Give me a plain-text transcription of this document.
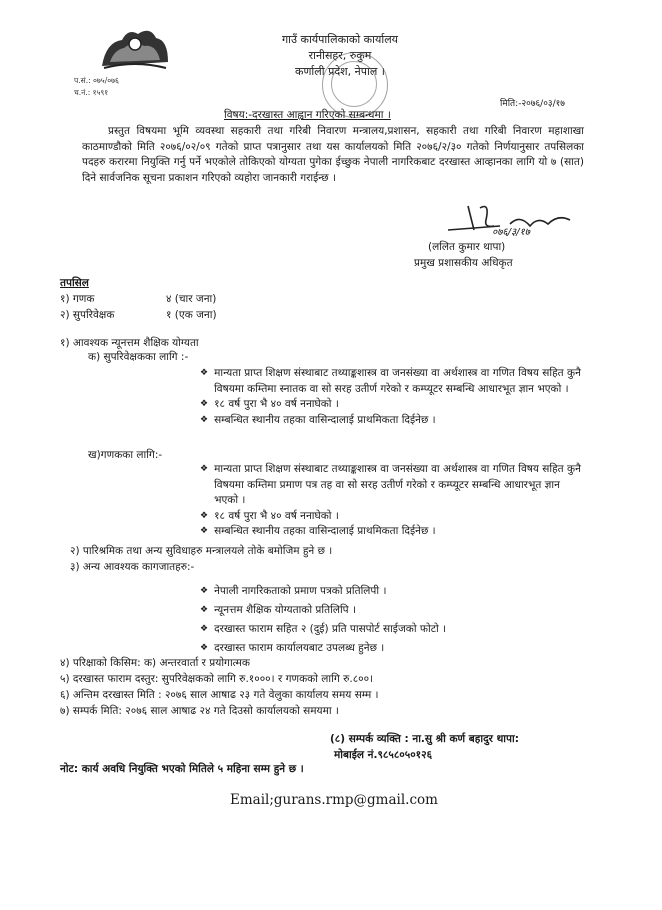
गाउँ कार्यपालिकाको कार्यालय
रानीसहर, रुकुम
कर्णाली प्रदेश, नेपाल ।
प.सं.: ०७५/०७६
च.नं.: १५९१
मिति:-२०७६/०३/१७
विषय:-दरखास्त आह्वान गरिएको सम्बन्धमा ।
प्रस्तुत विषयमा भूमि व्यवस्था सहकारी तथा गरिबी निवारण मन्त्रालय,प्रशासन, सहकारी तथा गरिबी निवारण महाशाखा काठमाण्डौको मिति २०७६/०२/०९ गतेको प्राप्त पत्रानुसार तथा यस कार्यालयको मिति २०७६/२/३० गतेको निर्णयानुसार तपसिलका पदहरु करारमा नियुक्ति गर्नु पर्ने भएकोले तोकिएको योग्यता पुगेका ईच्छुक नेपाली नागरिकबाट दरखास्त आव्हानका लागि यो ७ (सात) दिने सार्वजनिक सूचना प्रकाशन गरिएको व्यहोरा जानकारी गराईन्छ ।
०७६/३/१७
(ललित कुमार थापा)
प्रमुख प्रशासकीय अधिकृत
तपसिल
१) गणक	४ (चार जना)
२) सुपरिवेक्षक	१ (एक जना)
१) आवश्यक न्यूनत्तम शैक्षिक योग्यता
क) सुपरिवेक्षकका लागि :-
❖ मान्यता प्राप्त शिक्षण संस्थाबाट तथ्याङ्कशास्त्र वा जनसंख्या वा अर्थशास्त्र वा गणित विषय सहित कुनै विषयमा कम्तिमा स्नातक वा सो सरह उतीर्ण गरेको र कम्प्यूटर सम्बन्धि आधारभूत ज्ञान भएको ।
❖ १८ वर्ष पुरा भै ४० वर्ष ननाघेको ।
❖ सम्बन्धित स्थानीय तहका वासिन्दालाई प्राथमिकता दिईनेछ ।
ख)गणकका लागि:-
❖ मान्यता प्राप्त शिक्षण संस्थाबाट तथ्याङ्कशास्त्र वा जनसंख्या वा अर्थशास्त्र वा गणित विषय सहित कुनै विषयमा कम्तिमा प्रमाण पत्र तह वा सो सरह उतीर्ण गरेको र कम्प्यूटर सम्बन्धि आधारभूत ज्ञान भएको ।
❖ १८ वर्ष पुरा भै ४० वर्ष ननाघेको ।
❖ सम्बन्धित स्थानीय तहका वासिन्दालाई प्राथमिकता दिईनेछ ।
२) पारिश्रमिक तथा अन्य सुविधाहरु मन्त्रालयले तोके बमोजिम हुने छ ।
३) अन्य आवश्यक कागजातहरु:-
❖ नेपाली नागरिकताको प्रमाण पत्रको प्रतिलिपी ।
❖ न्यूनत्तम शैक्षिक योग्यताको प्रतिलिपि ।
❖ दरखास्त फाराम सहित २ (दुई) प्रति पासपोर्ट साईजको फोटो ।
❖ दरखास्त फाराम कार्यालयबाट उपलब्ध हुनेछ ।
४) परिक्षाको किसिम: क) अन्तरवार्ता र प्रयोगात्मक
५) दरखास्त फाराम दस्तुर: सुपरिवेक्षकको लागि रु.१०००। र गणकको लागि रु.८००।
६) अन्तिम दरखास्त मिति : २०७६ साल आषाढ २३ गते वेलुका कार्यालय समय सम्म ।
७) सम्पर्क मिति: २०७६ साल आषाढ २४ गते दिउसो कार्यालयको समयमा ।
(८) सम्पर्क व्यक्ति : ना.सु श्री कर्ण बहादुर थापा:
मोबाईल नं.९८५८०५०१२६
नोट: कार्य अवधि नियुक्ति भएको मितिले ५ महिना सम्म हुने छ ।
Email;gurans.rmp@gmail.com
